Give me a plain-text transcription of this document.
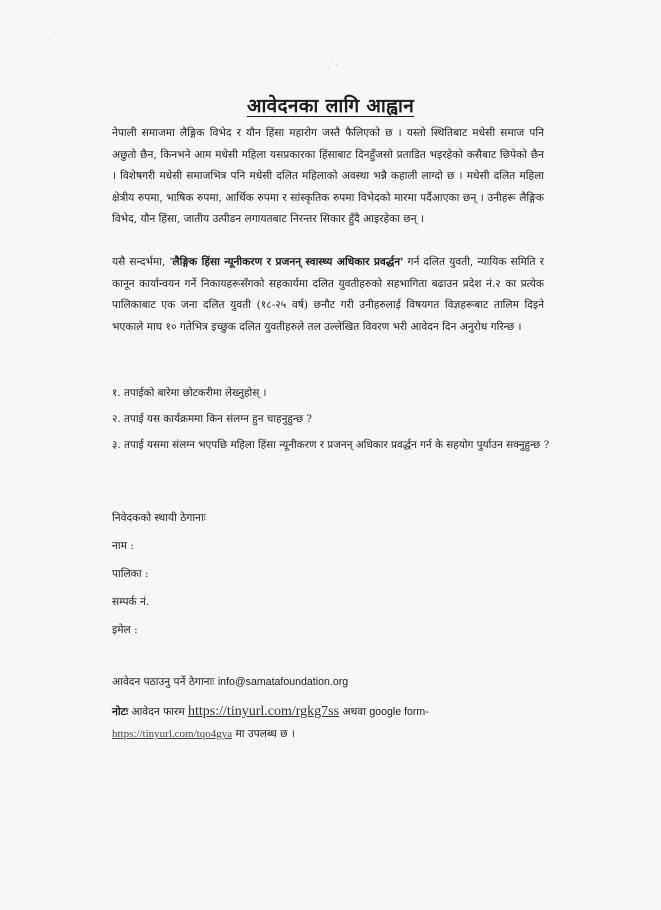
· ·
⸪ ·
आवेदनका लागि आह्वान

नेपाली समाजमा लैङ्गिक विभेद र यौन हिंसा महारोग जस्तै फैलिएको छ । यस्तो स्थितिबाट मधेसी समाज पनि अछुतो छैन, किनभने आम मधेसी महिला यसप्रकारका हिंसाबाट दिनहुँजसो प्रताडित भइरहेको कसैबाट छिपेको छैन । विशेषगरी मधेसी समाजभित्र पनि मधेसी दलित महिलाको अवस्था भन्नै कहाली लाग्दो छ । मधेसी दलित महिला क्षेत्रीय रुपमा, भाषिक रुपमा, आर्थिक रुपमा र सांस्कृतिक रुपमा विभेदको मारमा पर्दैआएका छन् । उनीहरू लैङ्गिक विभेद, यौन हिंसा, जातीय उत्पीडन लगायतबाट निरन्तर सिकार हुँदै आइरहेका छन् ।

यसै सन्दर्भमा, 'लैङ्गिक हिंसा न्यूनीकरण र प्रजनन् स्वास्थ्य अधिकार प्रवर्द्धन' गर्न दलित युवती, न्यायिक समिति र कानून कार्यान्वयन गर्ने निकायहरूसँगको सहकार्यमा दलित युवतीहरुको सहभागिता बढाउन प्रदेश नं.२ का प्रत्येक पालिकाबाट एक जना दलित युवती (१८-२५ वर्ष) छनौट गरी उनीहरुलाई विषयगत विज्ञहरूबाट तालिम दिइने भएकाले माघ १० गतेभित्र इच्छुक दलित युवतीहरुले तल उल्लेखित विवरण भरी आवेदन दिन अनुरोध गरिन्छ ।

१. तपाईको बारेमा छोटकरीमा लेख्नुहोस् ।

२. तपाई यस कार्यक्रममा किन संलग्न हुन चाहनुहुन्छ ?

३. तपाई यसमा संलग्न भएपछि महिला हिंसा न्यूनीकरण र प्रजनन् अधिकार प्रवर्द्धन गर्न के सहयोग पुर्याउन सक्नुहुन्छ ?

निवेदकको स्थायी ठेगानाः
नाम :
पालिका :
सम्पर्क नं.
इमेल :
आवेदन पठाउनु पर्ने ठेगानाः info@samatafoundation.org
नोटः आवेदन फारम https://tinyurl.com/rgkg7ss अथवा google form-
https://tinyurl.com/tqo4gya मा उपलब्ध छ ।
